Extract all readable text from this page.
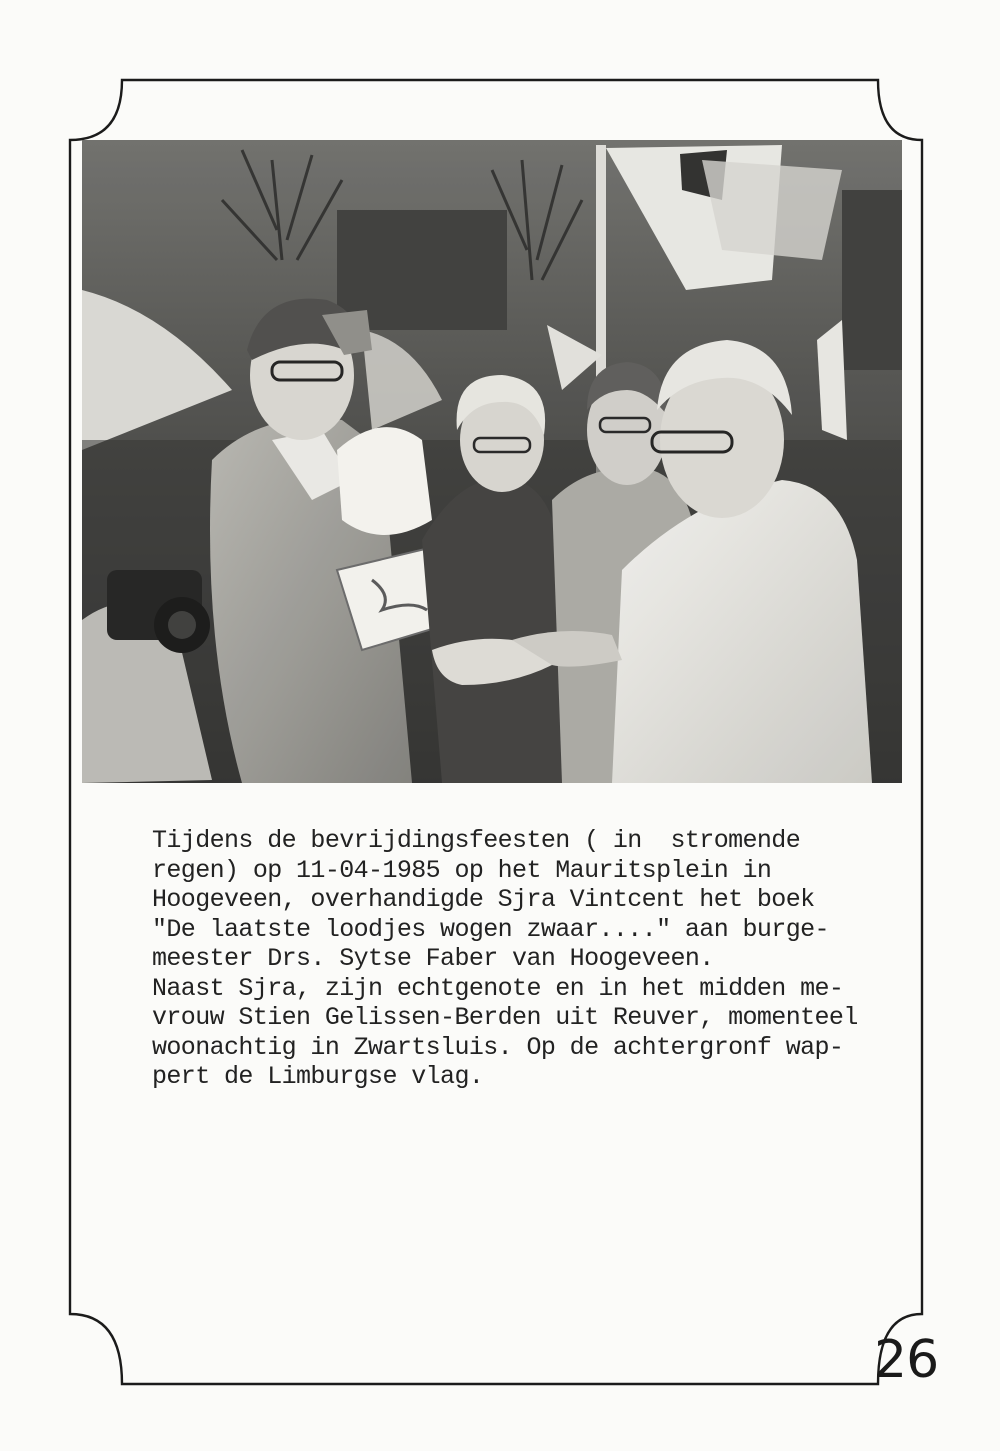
Tijdens de bevrijdingsfeesten ( in  stromende
regen) op 11-04-1985 op het Mauritsplein in
Hoogeveen, overhandigde Sjra Vintcent het boek
"De laatste loodjes wogen zwaar...." aan burge-
meester Drs. Sytse Faber van Hoogeveen.
Naast Sjra, zijn echtgenote en in het midden me-
vrouw Stien Gelissen-Berden uit Reuver, momenteel
woonachtig in Zwartsluis. Op de achtergronf wap-
pert de Limburgse vlag.
26
